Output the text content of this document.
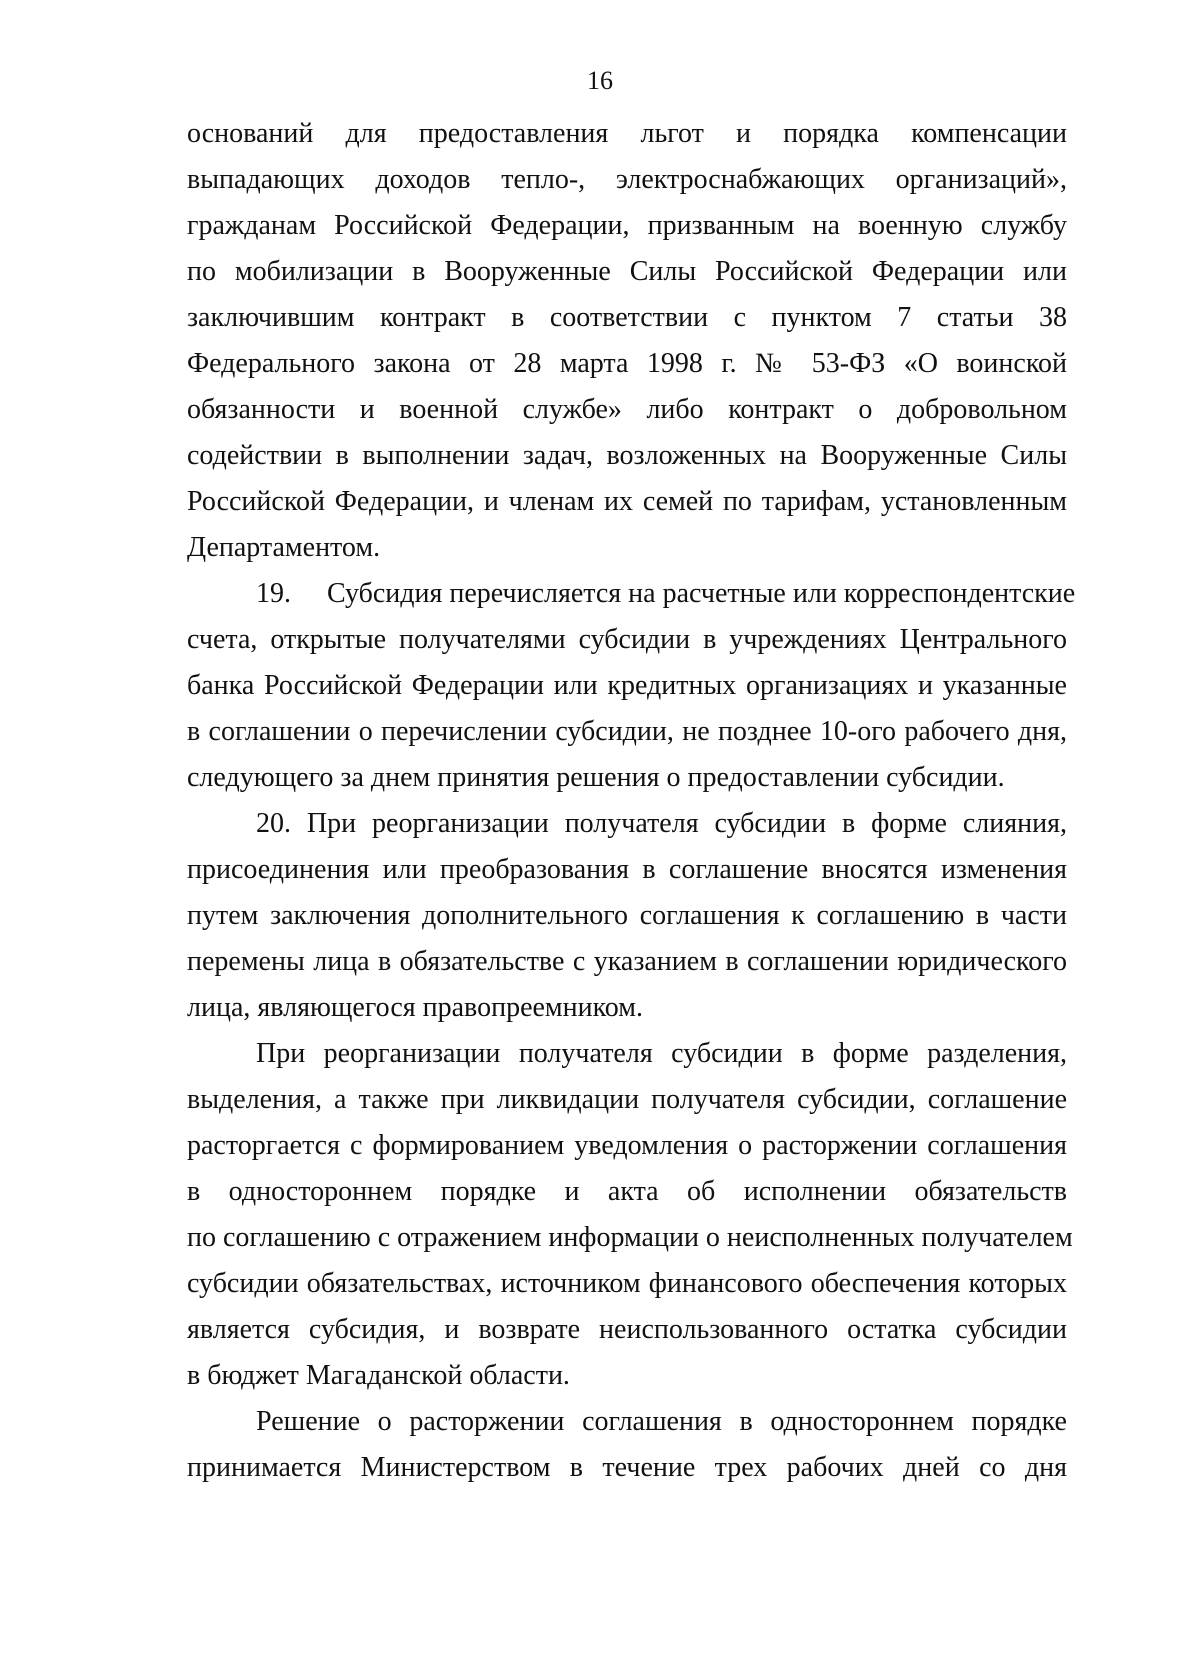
16
оснований для предоставления льгот и порядка компенсации
выпадающих доходов тепло-, электроснабжающих организаций»,
гражданам Российской Федерации, призванным на военную службу
по мобилизации в Вооруженные Силы Российской Федерации или
заключившим контракт в соответствии с пунктом 7 статьи 38
Федерального закона от 28 марта 1998 г. № 53-ФЗ «О воинской
обязанности и военной службе» либо контракт о добровольном
содействии в выполнении задач, возложенных на Вооруженные Силы
Российской Федерации, и членам их семей по тарифам, установленным
Департаментом.
19. Субсидия перечисляется на расчетные или корреспондентские
счета, открытые получателями субсидии в учреждениях Центрального
банка Российской Федерации или кредитных организациях и указанные
в соглашении о перечислении субсидии, не позднее 10-ого рабочего дня,
следующего за днем принятия решения о предоставлении субсидии.
20. При реорганизации получателя субсидии в форме слияния,
присоединения или преобразования в соглашение вносятся изменения
путем заключения дополнительного соглашения к соглашению в части
перемены лица в обязательстве с указанием в соглашении юридического
лица, являющегося правопреемником.
При реорганизации получателя субсидии в форме разделения,
выделения, а также при ликвидации получателя субсидии, соглашение
расторгается с формированием уведомления о расторжении соглашения
в одностороннем порядке и акта об исполнении обязательств
по соглашению с отражением информации о неисполненных получателем
субсидии обязательствах, источником финансового обеспечения которых
является субсидия, и возврате неиспользованного остатка субсидии
в бюджет Магаданской области.
Решение о расторжении соглашения в одностороннем порядке
принимается Министерством в течение трех рабочих дней со дня
